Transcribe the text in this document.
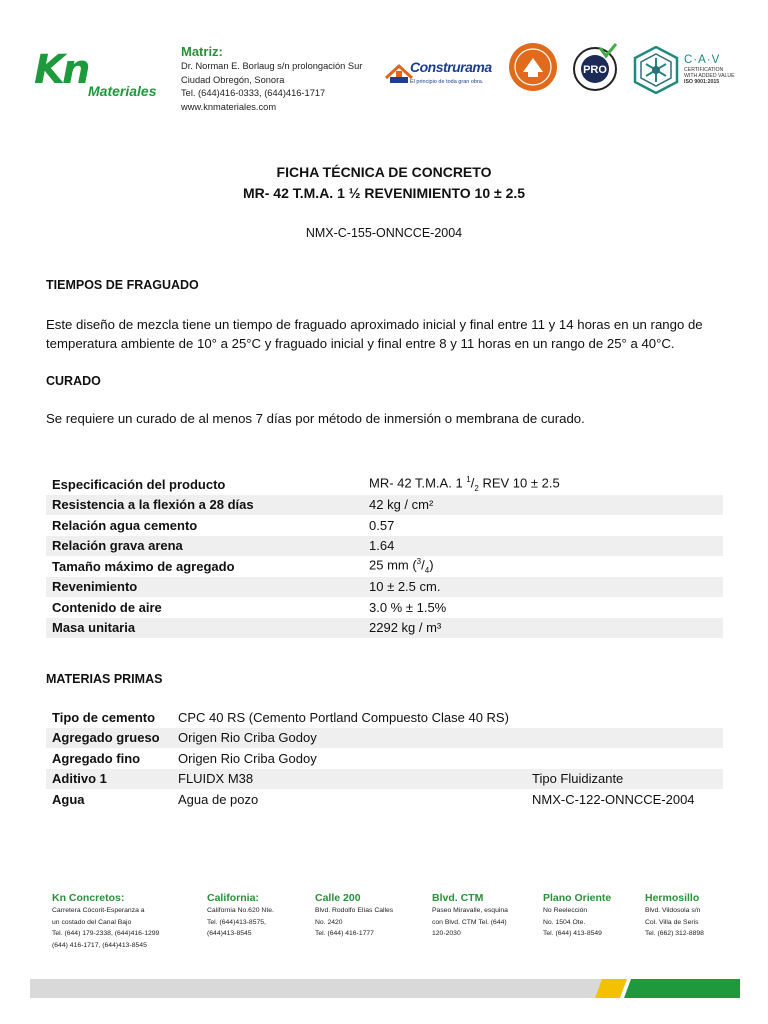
Kn Materiales
Matriz:
Dr. Norman E. Borlaug s/n prolongación Sur
Ciudad Obregón, Sonora
Tel. (644)416-0333, (644)416-1717
www.knmateriales.com
Construrama
El principio de toda gran obra.
PRO
C·A·V
CERTIFICATION
WITH ADDED VALUE
ISO 9001:2015
FICHA TÉCNICA DE CONCRETO
MR- 42 T.M.A. 1 ½ REVENIMIENTO 10 ± 2.5
NMX-C-155-ONNCCE-2004
TIEMPOS DE FRAGUADO
Este diseño de mezcla tiene un tiempo de fraguado aproximado inicial y final entre 11 y 14 horas en un rango de temperatura ambiente de 10° a 25°C y fraguado inicial y final entre 8 y 11 horas en un rango de 25° a 40°C.
CURADO
Se requiere un curado de al menos 7 días por método de inmersión o membrana de curado.
Especificación del producto	MR- 42 T.M.A. 1 $^1/_2$ REV 10 ± 2.5
Resistencia a la flexión a 28 días	42 kg / cm²
Relación agua cemento	0.57
Relación grava arena	1.64
Tamaño máximo de agregado	25 mm $(^3/_4)$
Revenimiento	10 ± 2.5 cm.
Contenido de aire	3.0 % ± 1.5%
Masa unitaria	2292 kg / m³
MATERIAS PRIMAS
Tipo de cemento	CPC 40 RS (Cemento Portland Compuesto Clase 40 RS)
Agregado grueso	Origen Rio Criba Godoy
Agregado fino	Origen Rio Criba Godoy
Aditivo 1	FLUIDX M38	Tipo Fluidizante
Agua	Agua de pozo	NMX-C-122-ONNCCE-2004
Kn Concretos:
Carretera Cócorit-Esperanza a
un costado del Canal Bajo
Tel. (644) 179-2338, (644)416-1299
(644) 416-1717, (644)413-8545
California:
California No.620 Nte.
Tel. (644)413-8575,
(644)413-8545
Calle 200
Blvd. Rodolfo Elías Calles
No. 2420
Tel. (644) 416-1777
Blvd. CTM
Paseo Miravalle, esquina
con Blvd. CTM Tel. (644)
120-2030
Plano Oriente
No Reelección
No. 1504 Ote.
Tel. (644) 413-8549
Hermosillo
Blvd. Vildosola s/n
Col. Villa de Seris
Tel. (662) 312-8898
